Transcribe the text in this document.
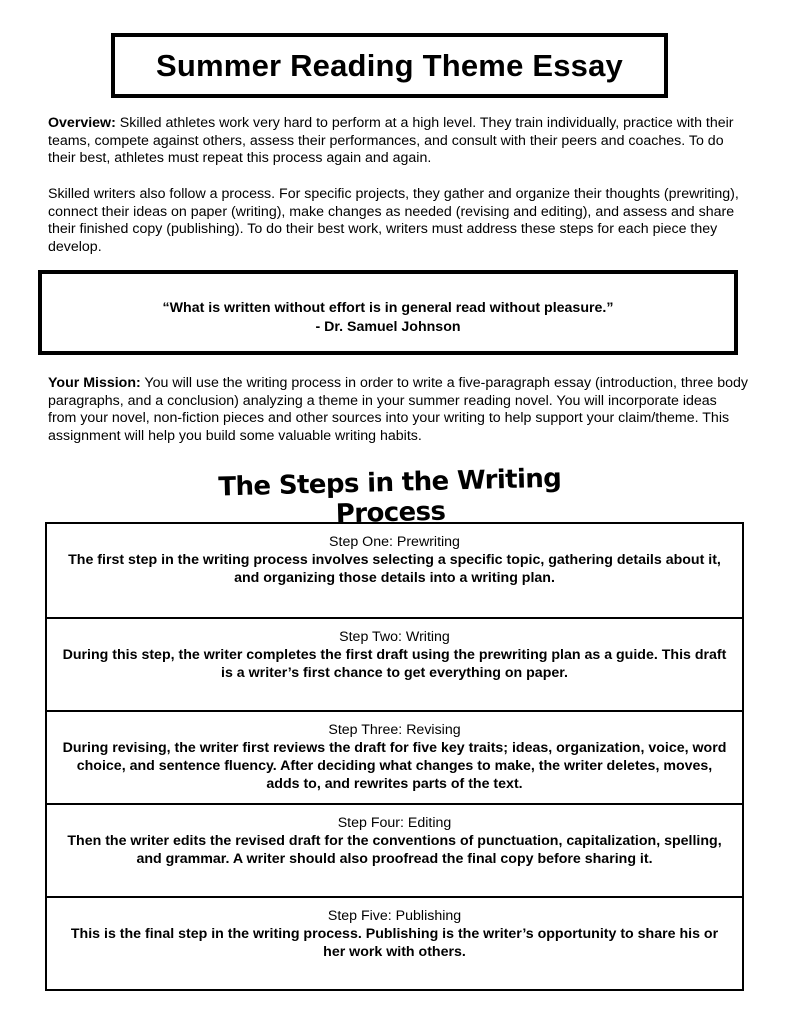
Summer Reading Theme Essay

Overview: Skilled athletes work very hard to perform at a high level. They train individually, practice with their teams, compete against others, assess their performances, and consult with their peers and coaches. To do their best, athletes must repeat this process again and again.

Skilled writers also follow a process. For specific projects, they gather and organize their thoughts (prewriting), connect their ideas on paper (writing), make changes as needed (revising and editing), and assess and share their finished copy (publishing). To do their best work, writers must address these steps for each piece they develop.

“What is written without effort is in general read without pleasure.”
- Dr. Samuel Johnson

Your Mission: You will use the writing process in order to write a five-paragraph essay (introduction, three body paragraphs, and a conclusion) analyzing a theme in your summer reading novel. You will incorporate ideas from your novel, non-fiction pieces and other sources into your writing to help support your claim/theme. This assignment will help you build some valuable writing habits.

The Steps in the Writing Process
Step One: Prewriting
The first step in the writing process involves selecting a specific topic, gathering details about it, and organizing those details into a writing plan.
Step Two: Writing
During this step, the writer completes the first draft using the prewriting plan as a guide. This draft is a writer’s first chance to get everything on paper.
Step Three: Revising
During revising, the writer first reviews the draft for five key traits; ideas, organization, voice, word choice, and sentence fluency. After deciding what changes to make, the writer deletes, moves, adds to, and rewrites parts of the text.
Step Four: Editing
Then the writer edits the revised draft for the conventions of punctuation, capitalization, spelling, and grammar. A writer should also proofread the final copy before sharing it.
Step Five: Publishing
This is the final step in the writing process. Publishing is the writer’s opportunity to share his or her work with others.
